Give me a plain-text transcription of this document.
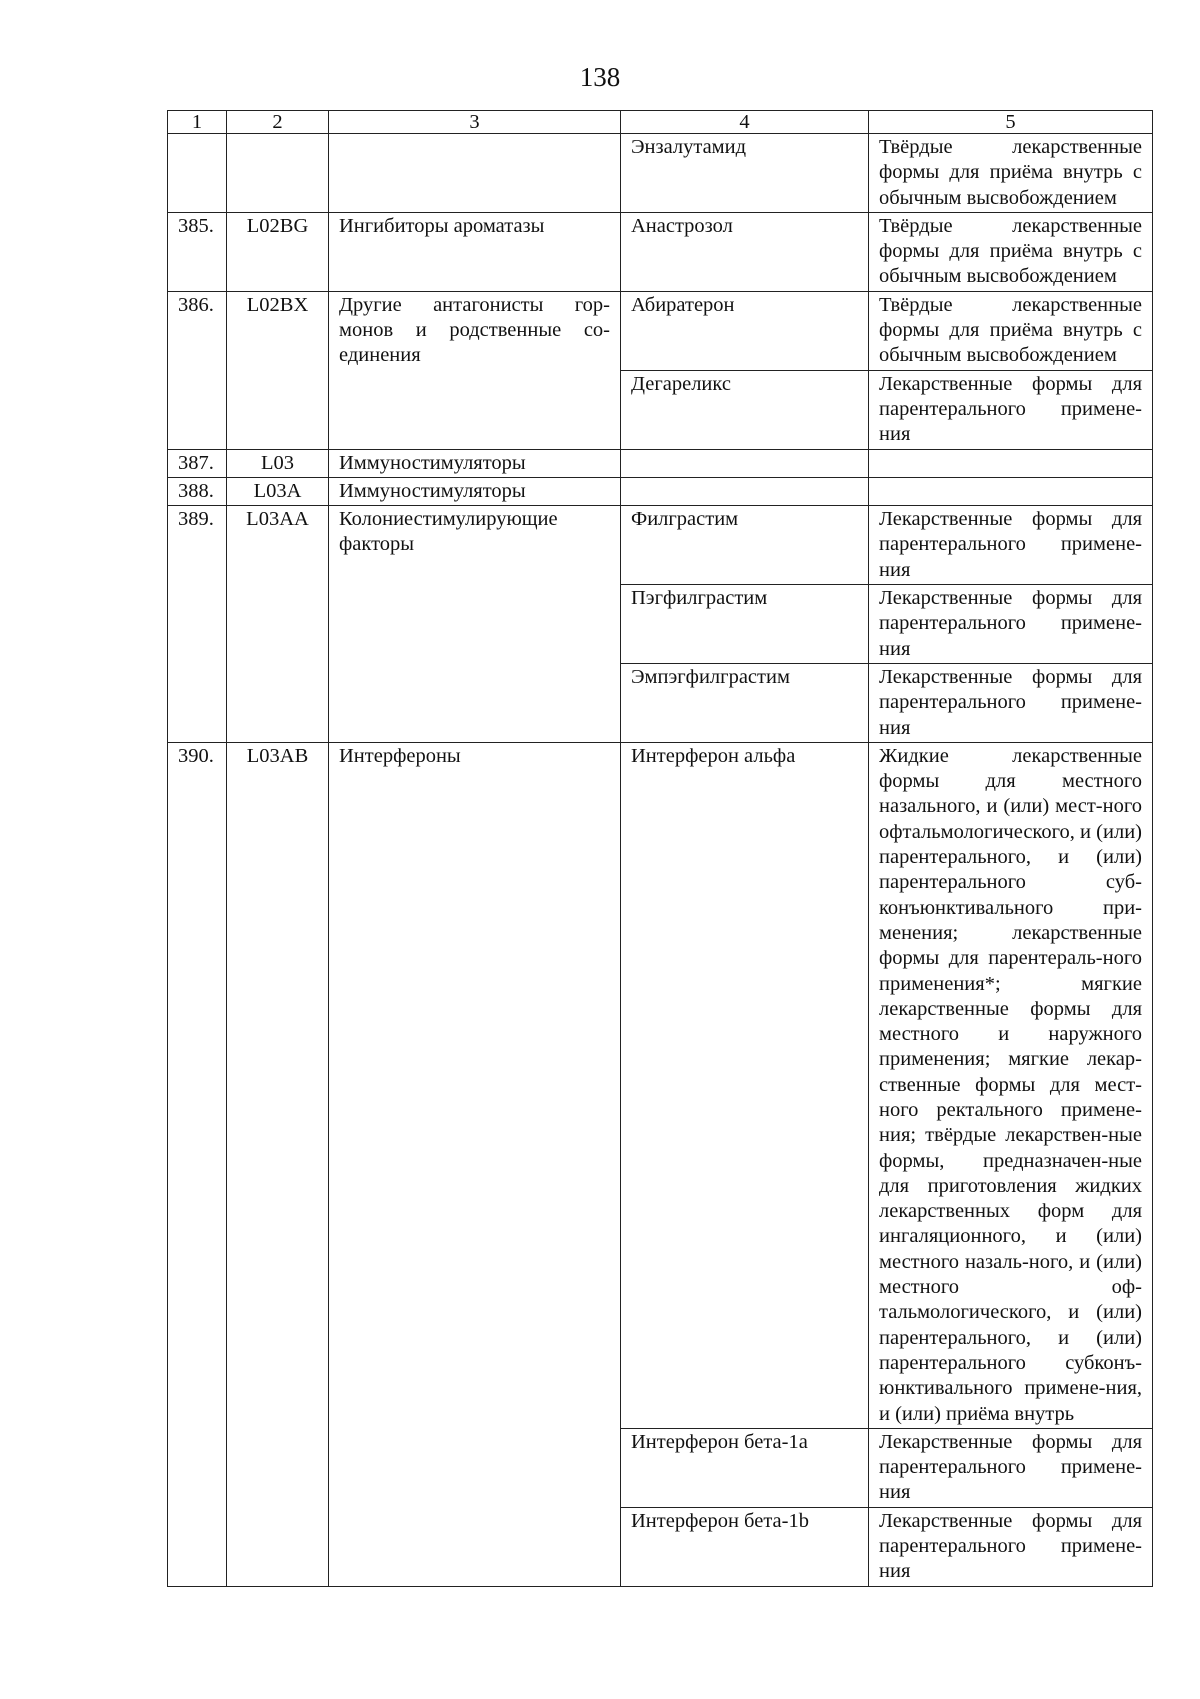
138
1	2	3	4	5
			Энзалутамид	Твёрдые лекарственные формы для приёма внутрь с обычным высвобождением
385.	L02BG	Ингибиторы ароматазы	Анастрозол	Твёрдые лекарственные формы для приёма внутрь с обычным высвобождением
386.	L02BX	Другие антагонисты гор-монов и родственные со-единения	Абиратерон	Твёрдые лекарственные формы для приёма внутрь с обычным высвобождением
			Дегареликс	Лекарственные формы для парентерального примене-ния
387.	L03	Иммуностимуляторы		
388.	L03A	Иммуностимуляторы		
389.	L03AA	Колониестимулирующие факторы	Филграстим	Лекарственные формы для парентерального примене-ния
			Пэгфилграстим	Лекарственные формы для парентерального примене-ния
			Эмпэгфилграстим	Лекарственные формы для парентерального примене-ния
390.	L03AB	Интерфероны	Интерферон альфа	Жидкие лекарственные формы для местного назального, и (или) мест-ного офтальмологического, и (или) парентерального, и (или) парентерального суб-конъюнктивального при-менения; лекарственные формы для парентераль-ного применения*; мягкие лекарственные формы для местного и наружного применения; мягкие лекар-ственные формы для мест-ного ректального примене-ния; твёрдые лекарствен-ные формы, предназначен-ные для приготовления жидких лекарственных форм для ингаляционного, и (или) местного назаль-ного, и (или) местного оф-тальмологического, и (или) парентерального, и (или) парентерального субконъ-юнктивального примене-ния, и (или) приёма внутрь
			Интерферон бета-1а	Лекарственные формы для парентерального примене-ния
			Интерферон бета-1b	Лекарственные формы для парентерального примене-ния
